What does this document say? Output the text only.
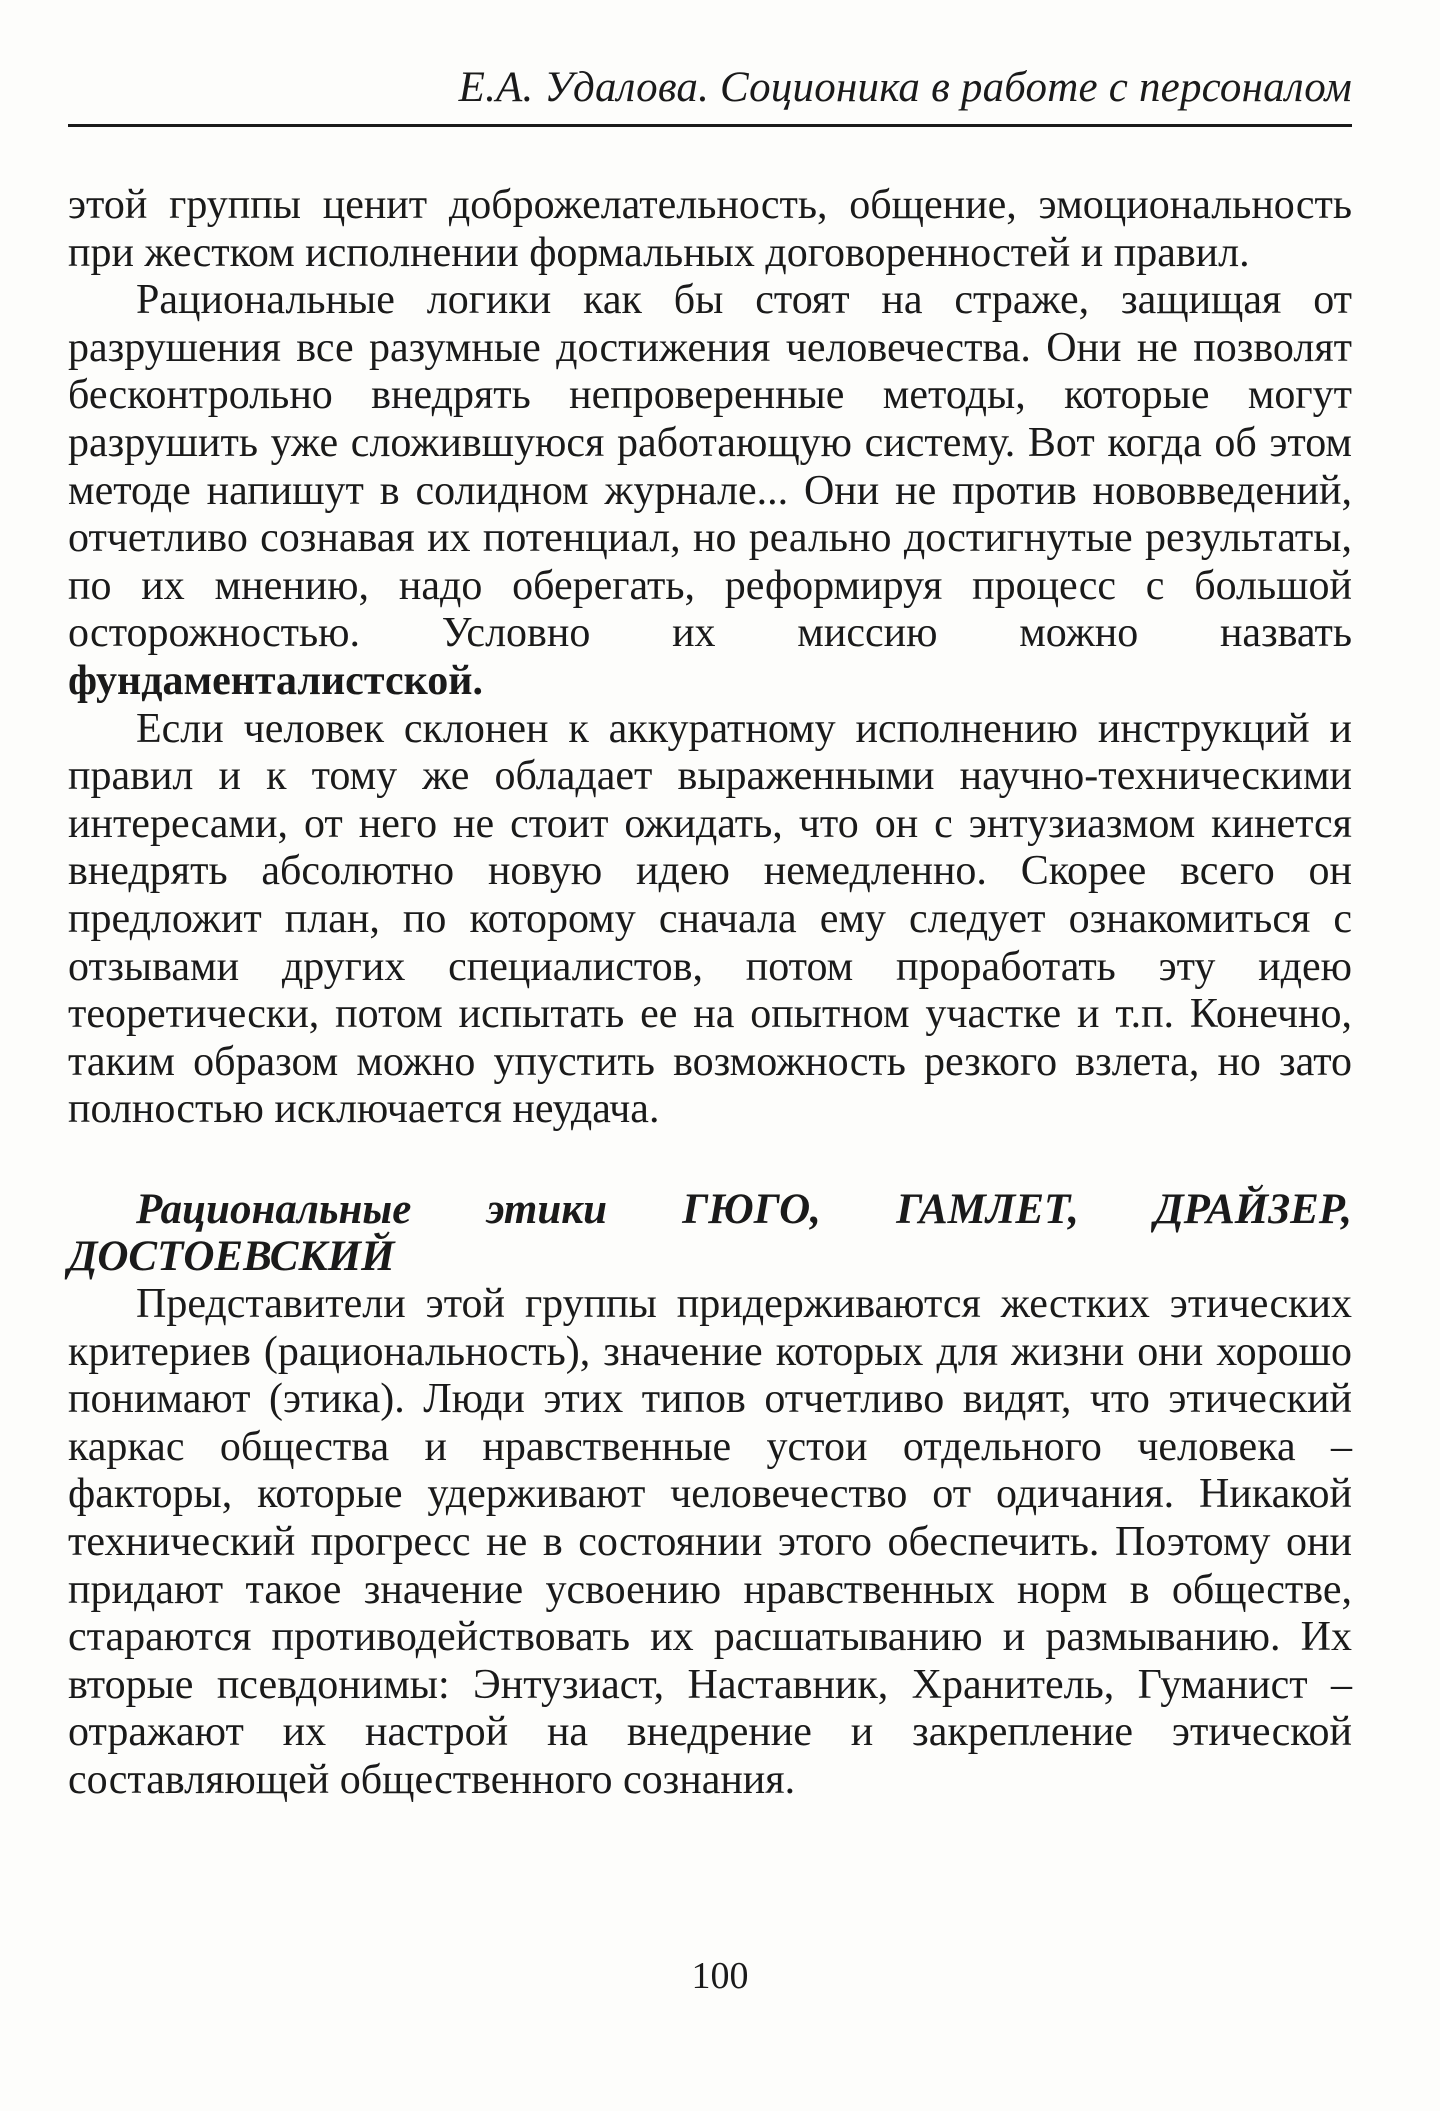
Е.А. Удалова. Соционика в работе с персоналом

этой группы ценит доброжелательность, общение, эмоциональность при жестком исполнении формальных договоренностей и правил.

Рациональные логики как бы стоят на страже, защищая от разрушения все разумные достижения человечества. Они не позволят бесконтрольно внедрять непроверенные методы, которые могут разрушить уже сложившуюся работающую систему. Вот когда об этом методе напишут в солидном журнале... Они не против нововведений, отчетливо сознавая их потенциал, но реально достигнутые результаты, по их мнению, надо оберегать, реформируя процесс с большой осторожностью. Условно их миссию можно назвать фундаменталистской.

Если человек склонен к аккуратному исполнению инструкций и правил и к тому же обладает выраженными научно-техническими интересами, от него не стоит ожидать, что он с энтузиазмом кинется внедрять абсолютно новую идею немедленно. Скорее всего он предложит план, по которому сначала ему следует ознакомиться с отзывами других специалистов, потом проработать эту идею теоретически, потом испытать ее на опытном участке и т.п. Конечно, таким образом можно упустить возможность резкого взлета, но зато полностью исключается неудача.

Рациональные этики ГЮГО, ГАМЛЕТ, ДРАЙЗЕР, ДОСТОЕВСКИЙ

Представители этой группы придерживаются жестких этических критериев (рациональность), значение которых для жизни они хорошо понимают (этика). Люди этих типов отчетливо видят, что этический каркас общества и нравственные устои отдельного человека – факторы, которые удерживают человечество от одичания. Никакой технический прогресс не в состоянии этого обеспечить. Поэтому они придают такое значение усвоению нравственных норм в обществе, стараются противодействовать их расшатыванию и размыванию. Их вторые псевдонимы: Энтузиаст, Наставник, Хранитель, Гуманист – отражают их настрой на внедрение и закрепление этической составляющей общественного сознания.

100
